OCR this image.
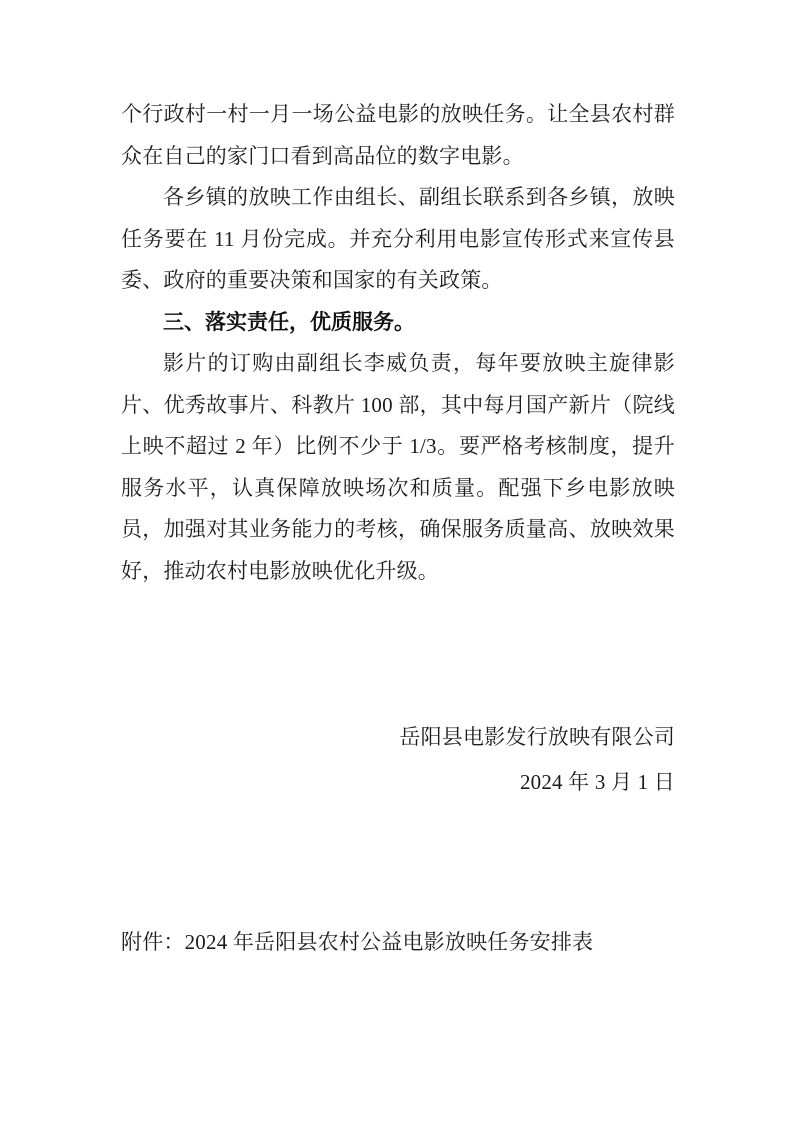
个行政村一村一月一场公益电影的放映任务。让全县农村群众在自己的家门口看到高品位的数字电影。

各乡镇的放映工作由组长、副组长联系到各乡镇，放映任务要在 11 月份完成。并充分利用电影宣传形式来宣传县委、政府的重要决策和国家的有关政策。

三、落实责任，优质服务。

影片的订购由副组长李威负责，每年要放映主旋律影片、优秀故事片、科教片 100 部，其中每月国产新片（院线上映不超过 2 年）比例不少于 1/3。要严格考核制度，提升服务水平，认真保障放映场次和质量。配强下乡电影放映员，加强对其业务能力的考核，确保服务质量高、放映效果好，推动农村电影放映优化升级。

岳阳县电影发行放映有限公司

2024 年 3 月 1 日

附件：2024 年岳阳县农村公益电影放映任务安排表
